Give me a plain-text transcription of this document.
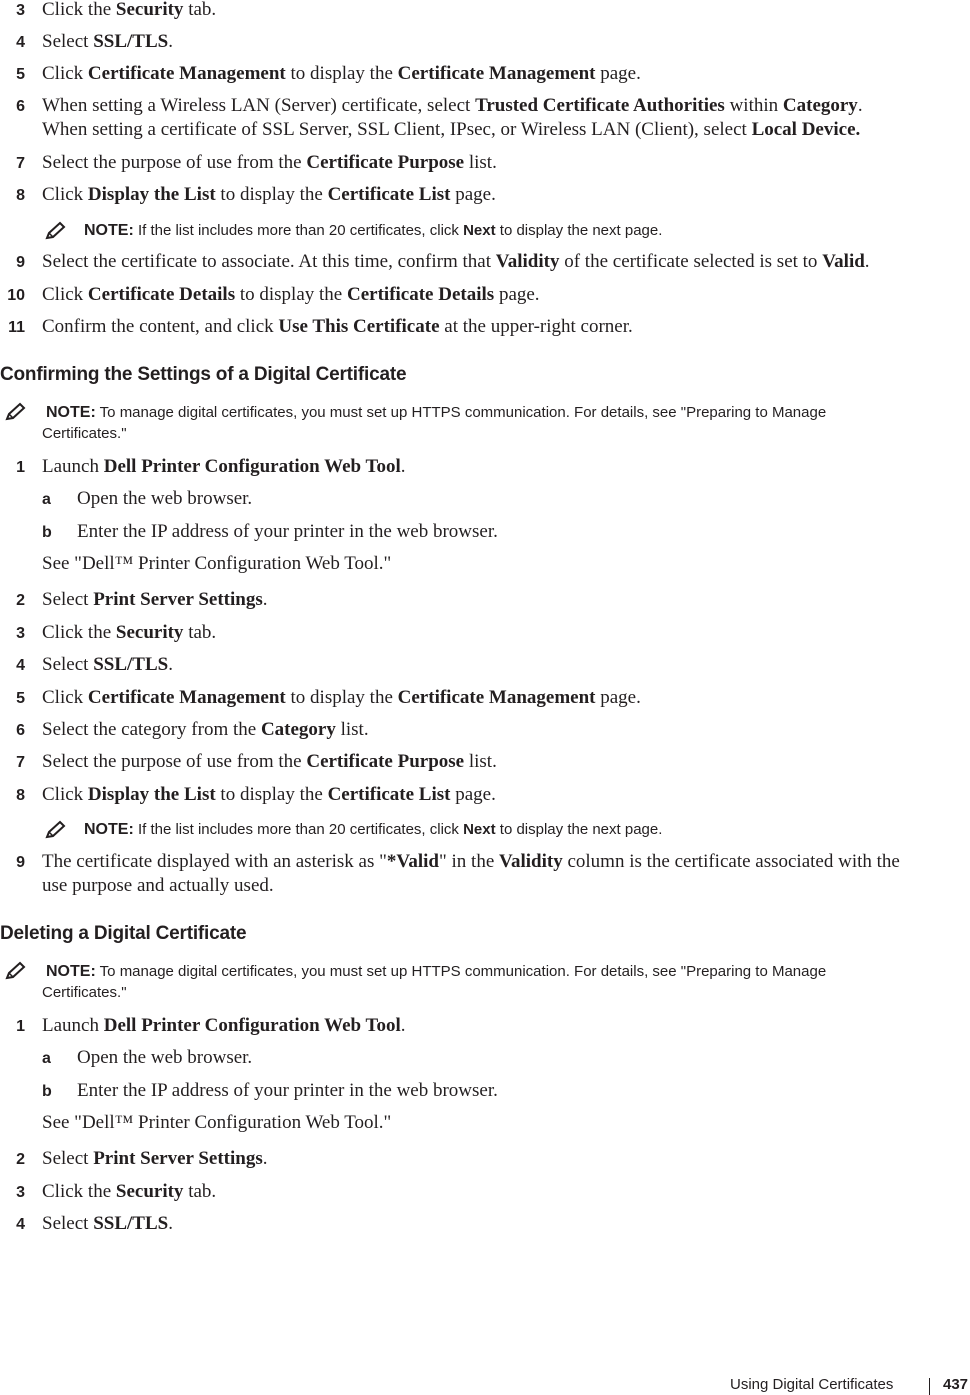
3 Click the Security tab.
4 Select SSL/TLS.
5 Click Certificate Management to display the Certificate Management page.
6 When setting a Wireless LAN (Server) certificate, select Trusted Certificate Authorities within Category.
When setting a certificate of SSL Server, SSL Client, IPsec, or Wireless LAN (Client), select Local Device.
7 Select the purpose of use from the Certificate Purpose list.
8 Click Display the List to display the Certificate List page.
NOTE: If the list includes more than 20 certificates, click Next to display the next page.
9 Select the certificate to associate. At this time, confirm that Validity of the certificate selected is set to Valid.
10 Click Certificate Details to display the Certificate Details page.
11 Confirm the content, and click Use This Certificate at the upper-right corner.
Confirming the Settings of a Digital Certificate
NOTE: To manage digital certificates, you must set up HTTPS communication. For details, see "Preparing to Manage
Certificates."
1 Launch Dell Printer Configuration Web Tool.
a Open the web browser.
b Enter the IP address of your printer in the web browser.
See "Dell™ Printer Configuration Web Tool."
2 Select Print Server Settings.
3 Click the Security tab.
4 Select SSL/TLS.
5 Click Certificate Management to display the Certificate Management page.
6 Select the category from the Category list.
7 Select the purpose of use from the Certificate Purpose list.
8 Click Display the List to display the Certificate List page.
NOTE: If the list includes more than 20 certificates, click Next to display the next page.
9 The certificate displayed with an asterisk as "*Valid" in the Validity column is the certificate associated with the
use purpose and actually used.
Deleting a Digital Certificate
NOTE: To manage digital certificates, you must set up HTTPS communication. For details, see "Preparing to Manage
Certificates."
1 Launch Dell Printer Configuration Web Tool.
a Open the web browser.
b Enter the IP address of your printer in the web browser.
See "Dell™ Printer Configuration Web Tool."
2 Select Print Server Settings.
3 Click the Security tab.
4 Select SSL/TLS.
Using Digital Certificates	437
